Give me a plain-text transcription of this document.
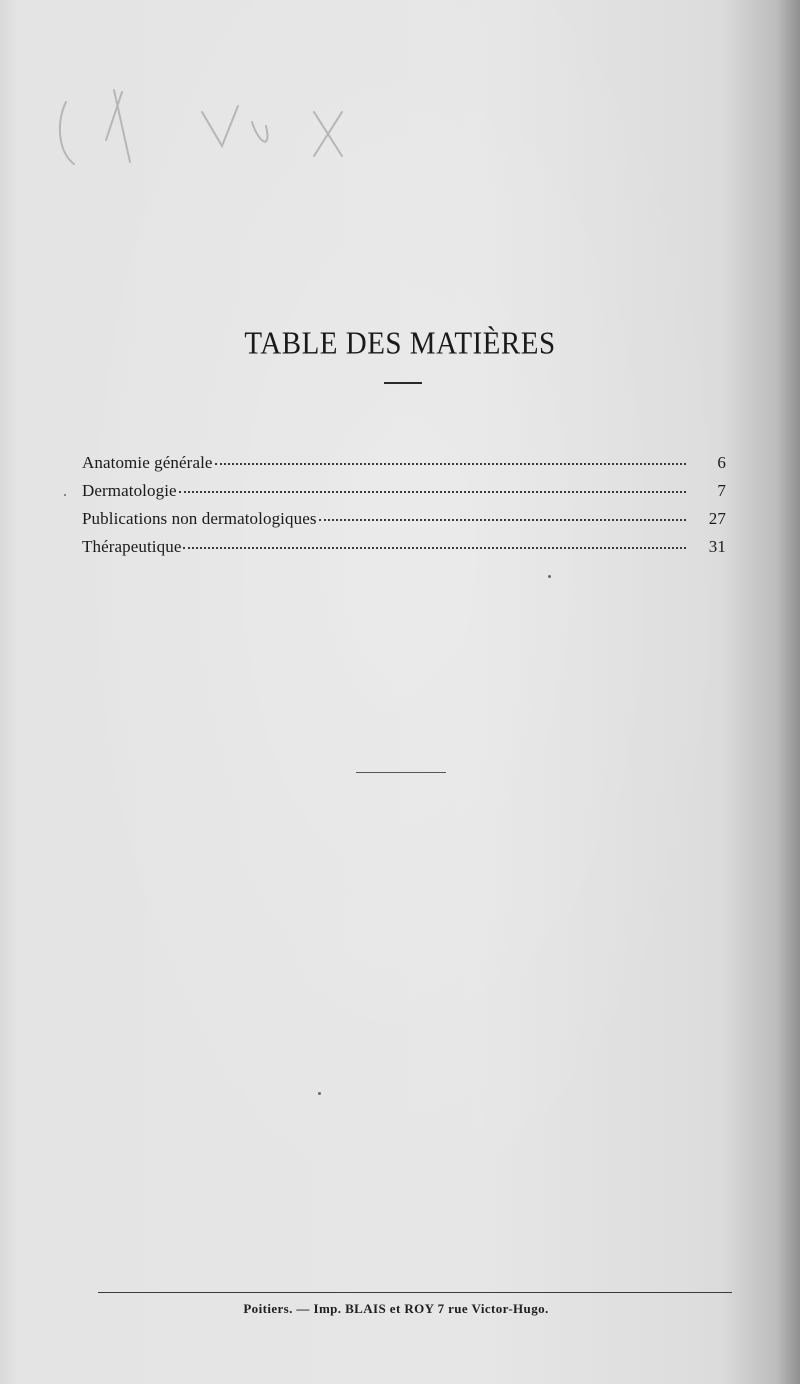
TABLE DES MATIÈRES
Anatomie générale	6
Dermatologie	7
Publications non dermatologiques	27
Thérapeutique	31
Poitiers. — Imp. BLAIS et ROY 7 rue Victor-Hugo.
